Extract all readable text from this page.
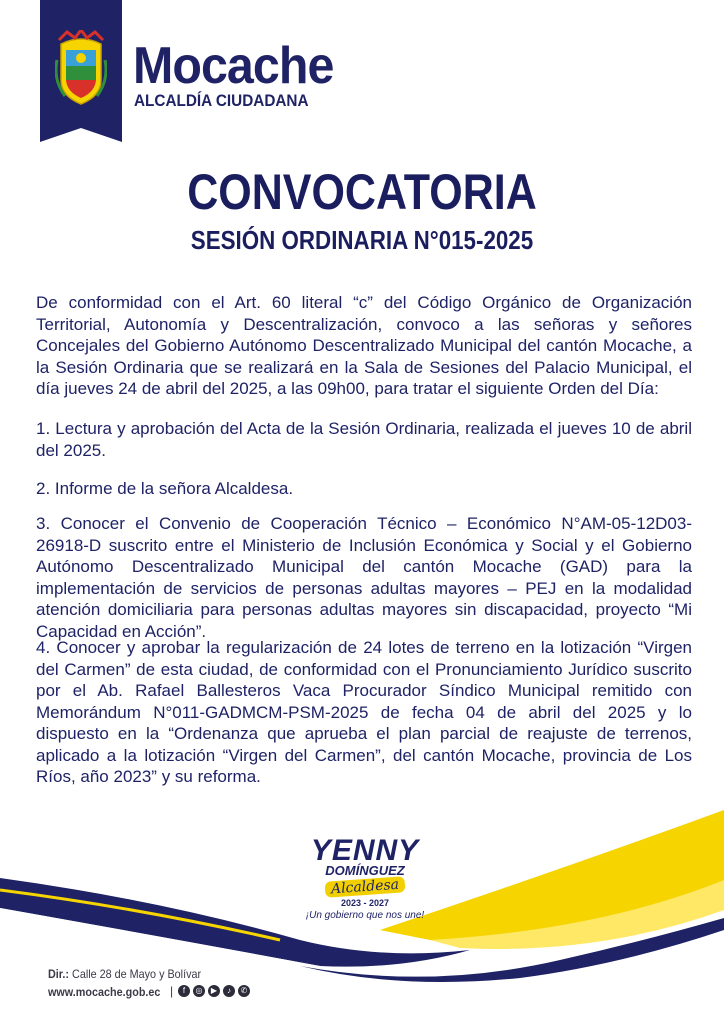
Mocache
ALCALDÍA CIUDADANA
CONVOCATORIA
SESIÓN ORDINARIA N°015-2025
De conformidad con el Art. 60 literal “c” del Código Orgánico de Organización Territorial, Autonomía y Descentralización, convoco a las señoras y señores Concejales del Gobierno Autónomo Descentralizado Municipal del cantón Mocache, a la Sesión Ordinaria que se realizará en la Sala de Sesiones del Palacio Municipal, el día jueves 24 de abril del 2025, a las 09h00, para tratar el siguiente Orden del Día:
1. Lectura y aprobación del Acta de la Sesión Ordinaria, realizada el jueves 10 de abril del 2025.
2. Informe de la señora Alcaldesa.
3. Conocer el Convenio de Cooperación Técnico – Económico N°AM-05-12D03-26918-D suscrito entre el Ministerio de Inclusión Económica y Social y el Gobierno Autónomo Descentralizado Municipal del cantón Mocache (GAD) para la implementación de servicios de personas adultas mayores – PEJ en la modalidad atención domiciliaria para personas adultas mayores sin discapacidad, proyecto “Mi Capacidad en Acción”.
4. Conocer y aprobar la regularización de 24 lotes de terreno en la lotización “Virgen del Carmen” de esta ciudad, de conformidad con el Pronunciamiento Jurídico suscrito por el Ab. Rafael Ballesteros Vaca Procurador Síndico Municipal remitido con Memorándum N°011-GADMCM-PSM-2025 de fecha 04 de abril del 2025 y lo dispuesto en la “Ordenanza que aprueba el plan parcial de reajuste de terrenos, aplicado a la lotización “Virgen del Carmen”, del cantón Mocache, provincia de Los Ríos, año 2023” y su reforma.
YENNY
DOMÍNGUEZ
Alcaldesa
2023 - 2027
¡Un gobierno que nos une!
Dir.: Calle 28 de Mayo y Bolívar
www.mocache.gob.ec |	f	◎	▶	♪	✆
